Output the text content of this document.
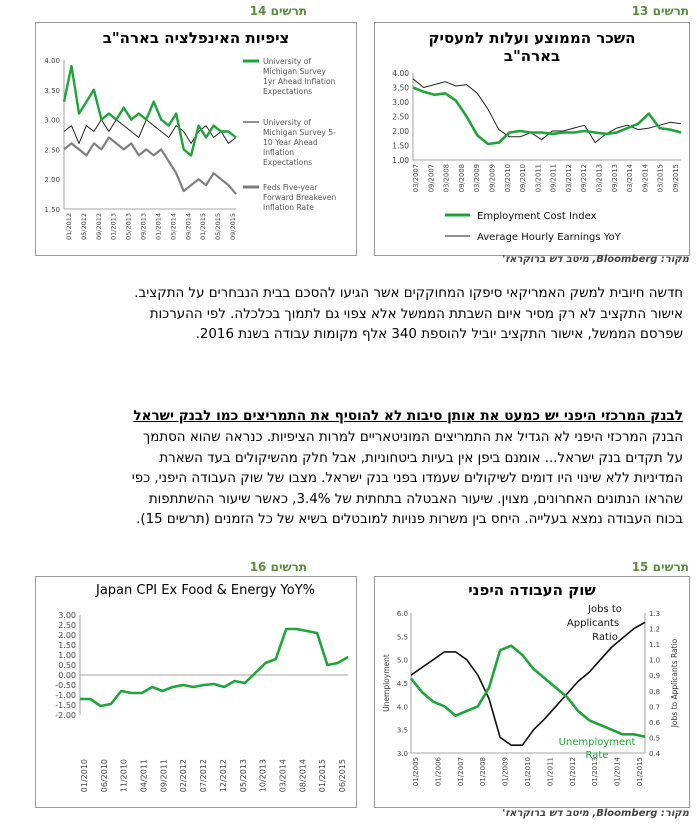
תרשים 13
תרשים 14
השכר הממוצע ועלות למעסיק
בארה"ב
4.00
3.50
3.00
2.50
2.00
1.50
1.00
03/2007 09/2007 03/2008 09/2008 03/2009 09/2009 03/2010 09/2010 03/2011 09/2011 03/2012 09/2012 03/2013 09/2013 03/2014 09/2014 03/2015 09/2015
Employment Cost Index
Average Hourly Earnings YoY
מקור: Bloomberg, מיטב דש ברוקראז'
ציפיות האינפלציה בארה"ב
4.00
3.50
3.00
2.50
2.00
1.50
01/2012 05/2012 09/2012 01/2013 05/2013 09/2013 01/2014 05/2014 09/2014 01/2015 05/2015 09/2015
University of
Michigan Survey
1yr Ahead Inflation
Expectations
University of
Michigan Survey 5-
10 Year Ahead
Inflation
Expectations
Feds Five-year
Forward Breakeven
Inflation Rate
חדשה חיובית למשק האמריקאי סיפקו המחוקקים אשר הגיעו להסכם בבית הנבחרים על התקציב.
אישור התקציב לא רק מסיר איום השבתת הממשל אלא צפוי גם לתמוך בכלכלה. לפי ההערכות
שפרסם הממשל, אישור התקציב יוביל להוספת 340 אלף מקומות עבודה בשנת 2016.
לבנק המרכזי היפני יש כמעט את אותן סיבות לא להוסיף את התמריצים כמו לבנק ישראל
הבנק המרכזי היפני לא הגדיל את התמריצים המוניטאריים למרות הציפיות. כנראה שהוא הסתמך
על תקדים בנק ישראל... אומנם ביפן אין בעיות ביטחוניות, אבל חלק מהשיקולים בעד השארת
המדיניות ללא שינוי היו דומים לשיקולים שעמדו בפני בנק ישראל. מצבו של שוק העבודה היפני, כפי
שהראו הנתונים האחרונים, מצוין. שיעור האבטלה בתחתית של 3.4%, כאשר שיעור ההשתתפות
בכוח העבודה נמצא בעלייה. היחס בין משרות פנויות למובטלים בשיא של כל הזמנים (תרשים 15).
תרשים 15
תרשים 16
שוק העבודה היפני
6.0
5.5
5.0
4.5
4.0
3.5
3.0
1.3
1.2
1.1
1.0
0.9
0.8
0.7
0.6
0.5
0.4
01/2005 01/2006 01/2007 01/2008 01/2009 01/2010 01/2011 01/2012 01/2013 01/2014 01/2015
Unemployment	Jobs to Applicants Ratio
Jobs to
Applicants
Ratio
Unemployment
Rate
מקור: Bloomberg, מיטב דש ברוקראז'
Japan CPI Ex Food & Energy YoY%
3.00
2.50
2.00
1.50
1.00
0.50
0.00
-0.50
-1.00
-1.50
-2.00
01/2010 06/2010 11/2010 04/2011 09/2011 02/2012 07/2012 12/2012 05/2013 10/2013 03/2014 08/2014 01/2015 06/2015
